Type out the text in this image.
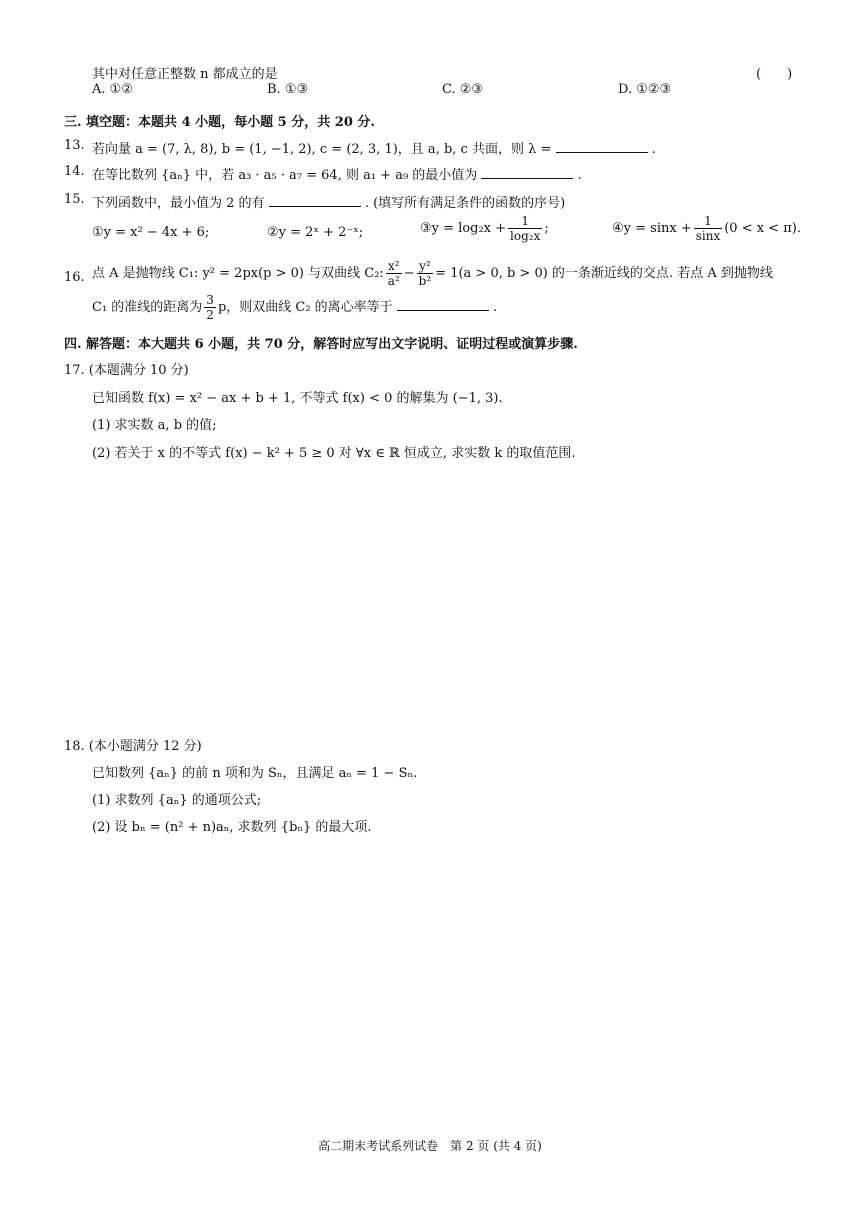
其中对任意正整数 n 都成立的是	(　　)
A. ①②	B. ①③	C. ②③	D. ①②③
三. 填空题：本题共 4 小题，每小题 5 分，共 20 分.
13. 若向量 a = (7, λ, 8), b = (1, −1, 2), c = (2, 3, 1)，且 a, b, c 共面，则 λ =	.
14. 在等比数列 {aₙ} 中，若 a₃ · a₅ · a₇ = 64, 则 a₁ + a₉ 的最小值为	.
15. 下列函数中，最小值为 2 的有	. (填写所有满足条件的函数的序号)
①y = x² − 4x + 6;	②y = 2ˣ + 2⁻ˣ;	③y = $\log_2x + \frac{1}{\text{log₂x}}$ ;	④y = $\sin x + \frac{1}{\sin x} (0 < x < \pi)$.
16. 点 A 是抛物线 C₁: y² = 2px(p > 0) 与双曲线 C₂: $\frac{\text{x²}}{\text{a²}} - \frac{\text{y²}}{\text{b²}} = 1(a > 0$, b > 0) 的一条渐近线的交点. 若点 A 到抛物线
C₁ 的准线的距离为 $\frac{3}{2}$ p，则双曲线 C₂ 的离心率等于	.
四. 解答题：本大题共 6 小题，共 70 分，解答时应写出文字说明、证明过程或演算步骤.
17. (本题满分 10 分)
已知函数 f(x) = x² − ax + b + 1, 不等式 f(x) < 0 的解集为 (−1, 3).
(1) 求实数 a, b 的值;
(2) 若关于 x 的不等式 f(x) − k² + 5 ≥ 0 对 ∀x ∈ ℝ 恒成立, 求实数 k 的取值范围.
18. (本小题满分 12 分)
已知数列 {aₙ} 的前 n 项和为 Sₙ，且满足 aₙ = 1 − Sₙ.
(1) 求数列 {aₙ} 的通项公式;
(2) 设 bₙ = (n² + n)aₙ, 求数列 {bₙ} 的最大项.
高二期末考试系列试卷　第 2 页 (共 4 页)
